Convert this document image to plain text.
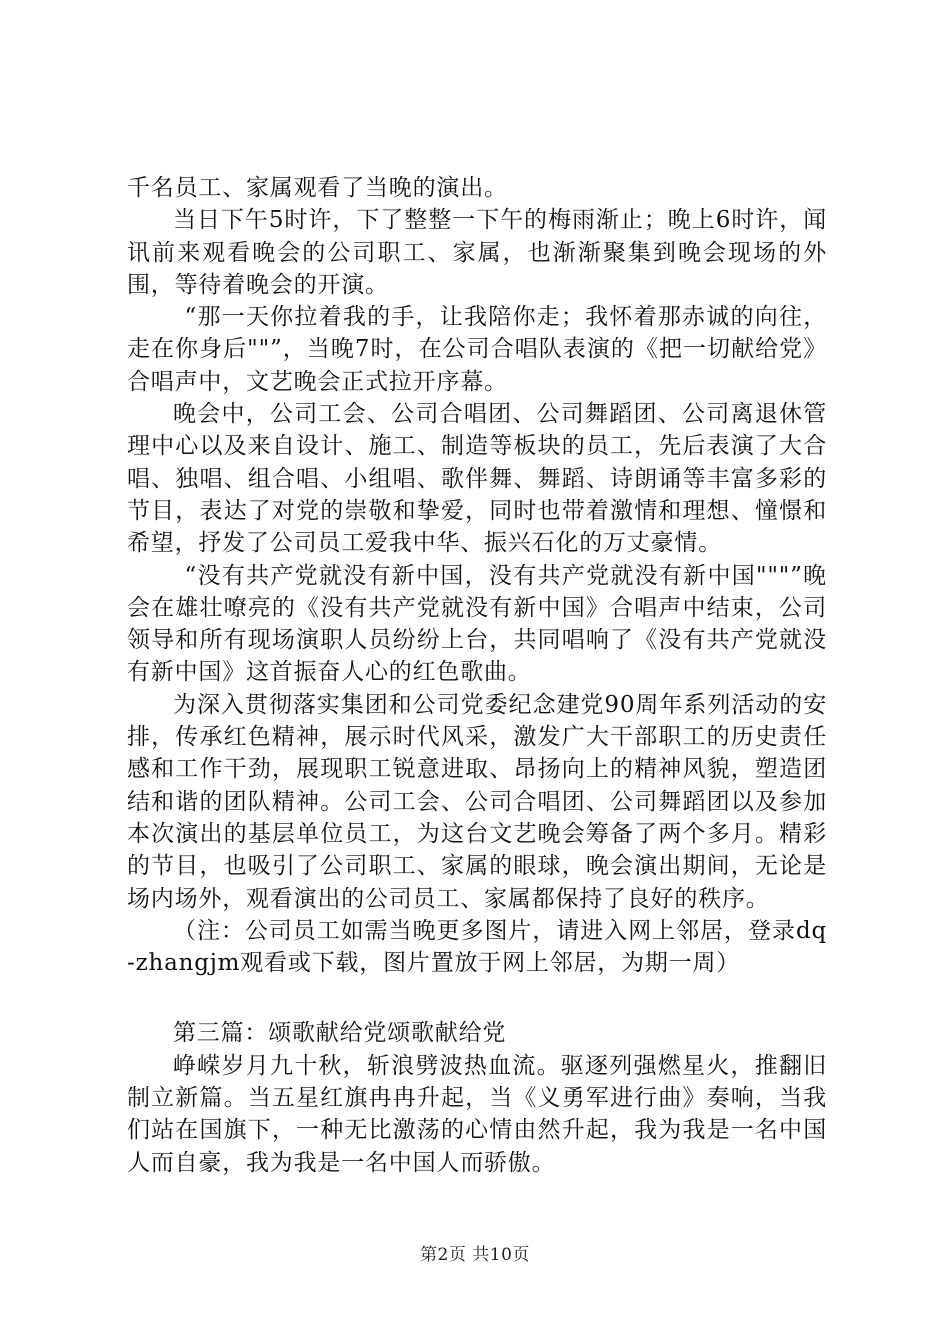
千名员工、家属观看了当晚的演出。

当日下午5时许，下了整整一下午的梅雨渐止；晚上6时许，闻讯前来观看晚会的公司职工、家属，也渐渐聚集到晚会现场的外围，等待着晚会的开演。

“那一天你拉着我的手，让我陪你走；我怀着那赤诚的向往，走在你身后""”，当晚7时，在公司合唱队表演的《把一切献给党》合唱声中，文艺晚会正式拉开序幕。

晚会中，公司工会、公司合唱团、公司舞蹈团、公司离退休管理中心以及来自设计、施工、制造等板块的员工，先后表演了大合唱、独唱、组合唱、小组唱、歌伴舞、舞蹈、诗朗诵等丰富多彩的节目，表达了对党的崇敬和挚爱，同时也带着激情和理想、憧憬和希望，抒发了公司员工爱我中华、振兴石化的万丈豪情。

“没有共产党就没有新中国，没有共产党就没有新中国"""”晚会在雄壮嘹亮的《没有共产党就没有新中国》合唱声中结束，公司领导和所有现场演职人员纷纷上台，共同唱响了《没有共产党就没有新中国》这首振奋人心的红色歌曲。

为深入贯彻落实集团和公司党委纪念建党90周年系列活动的安排，传承红色精神，展示时代风采，激发广大干部职工的历史责任感和工作干劲，展现职工锐意进取、昂扬向上的精神风貌，塑造团结和谐的团队精神。公司工会、公司合唱团、公司舞蹈团以及参加本次演出的基层单位员工，为这台文艺晚会筹备了两个多月。精彩的节目，也吸引了公司职工、家属的眼球，晚会演出期间，无论是场内场外，观看演出的公司员工、家属都保持了良好的秩序。

（注：公司员工如需当晚更多图片，请进入网上邻居，登录dq-zhangjm观看或下载，图片置放于网上邻居，为期一周）

第三篇：颂歌献给党颂歌献给党

峥嵘岁月九十秋，斩浪劈波热血流。驱逐列强燃星火，推翻旧制立新篇。当五星红旗冉冉升起，当《义勇军进行曲》奏响，当我们站在国旗下，一种无比激荡的心情由然升起，我为我是一名中国人而自豪，我为我是一名中国人而骄傲。

第2页 共10页
